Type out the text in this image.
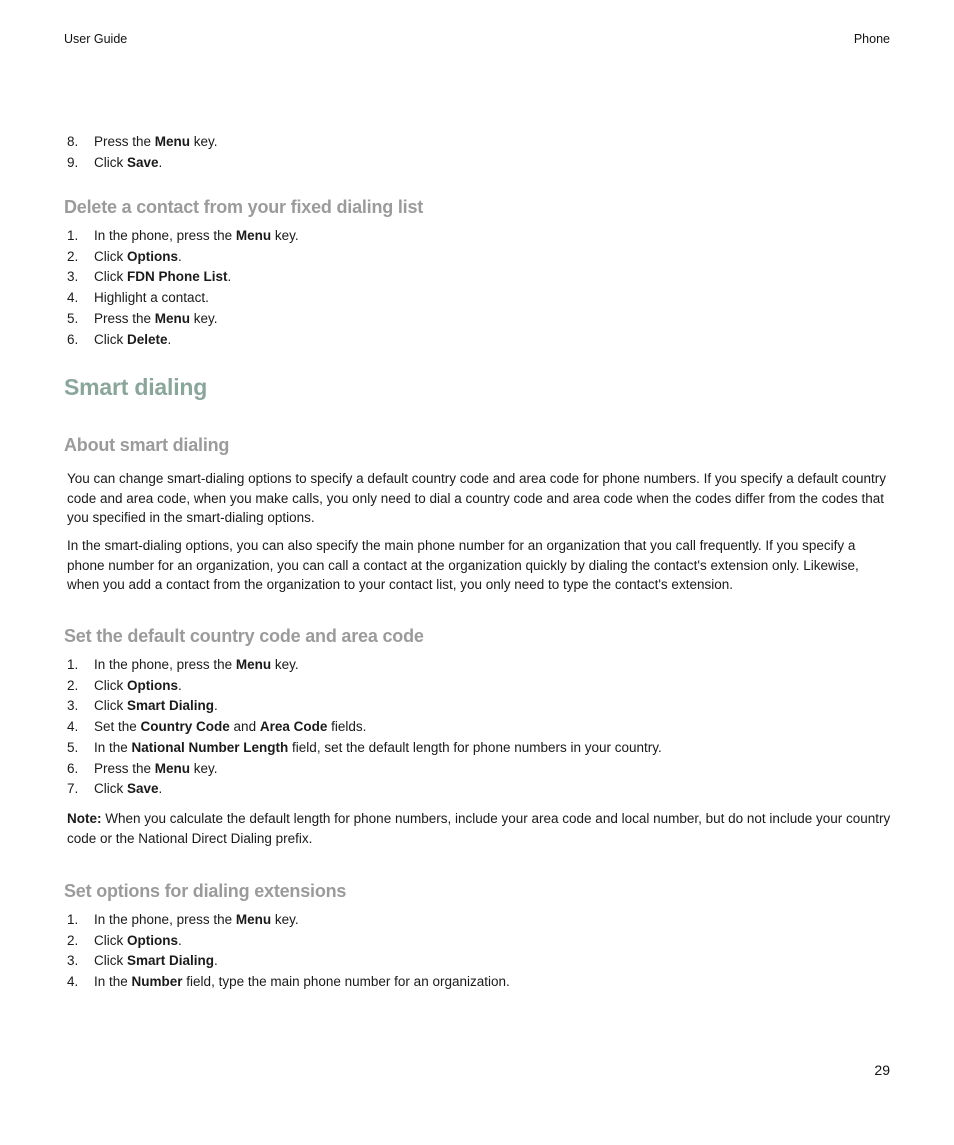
User Guide	Phone
8. Press the Menu key.
9. Click Save.
Delete a contact from your fixed dialing list
1. In the phone, press the Menu key.
2. Click Options.
3. Click FDN Phone List.
4. Highlight a contact.
5. Press the Menu key.
6. Click Delete.
Smart dialing
About smart dialing

You can change smart-dialing options to specify a default country code and area code for phone numbers. If you specify a default country code and area code, when you make calls, you only need to dial a country code and area code when the codes differ from the codes that you specified in the smart-dialing options.

In the smart-dialing options, you can also specify the main phone number for an organization that you call frequently. If you specify a phone number for an organization, you can call a contact at the organization quickly by dialing the contact's extension only. Likewise, when you add a contact from the organization to your contact list, you only need to type the contact's extension.

Set the default country code and area code
1. In the phone, press the Menu key.
2. Click Options.
3. Click Smart Dialing.
4. Set the Country Code and Area Code fields.
5. In the National Number Length field, set the default length for phone numbers in your country.
6. Press the Menu key.
7. Click Save.

Note: When you calculate the default length for phone numbers, include your area code and local number, but do not include your country code or the National Direct Dialing prefix.

Set options for dialing extensions
1. In the phone, press the Menu key.
2. Click Options.
3. Click Smart Dialing.
4. In the Number field, type the main phone number for an organization.
29
